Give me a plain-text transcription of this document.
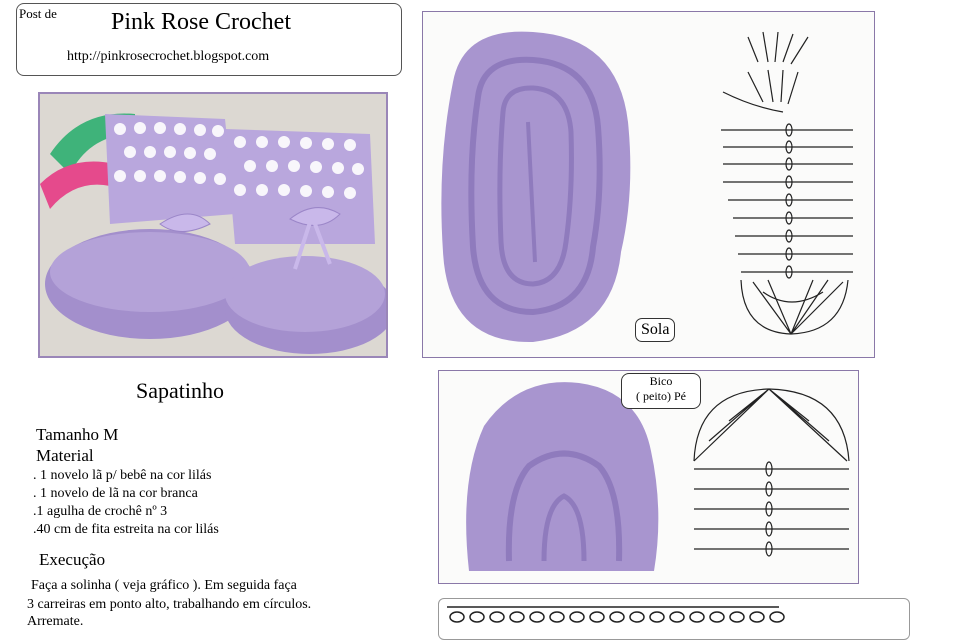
Post de Pink Rose Crochet
http://pinkrosecrochet.blogspot.com
Sola
Bico
( peito) Pé
Sapatinho
Tamanho M
Material
. 1 novelo lã p/ bebê na cor lilás
. 1 novelo de lã na cor branca
.1 agulha de crochê nº 3
.40 cm de fita estreita na cor lilás
Execução
Faça a solinha ( veja gráfico ). Em seguida faça
3 carreiras em ponto alto, trabalhando em círculos.
Arremate.
